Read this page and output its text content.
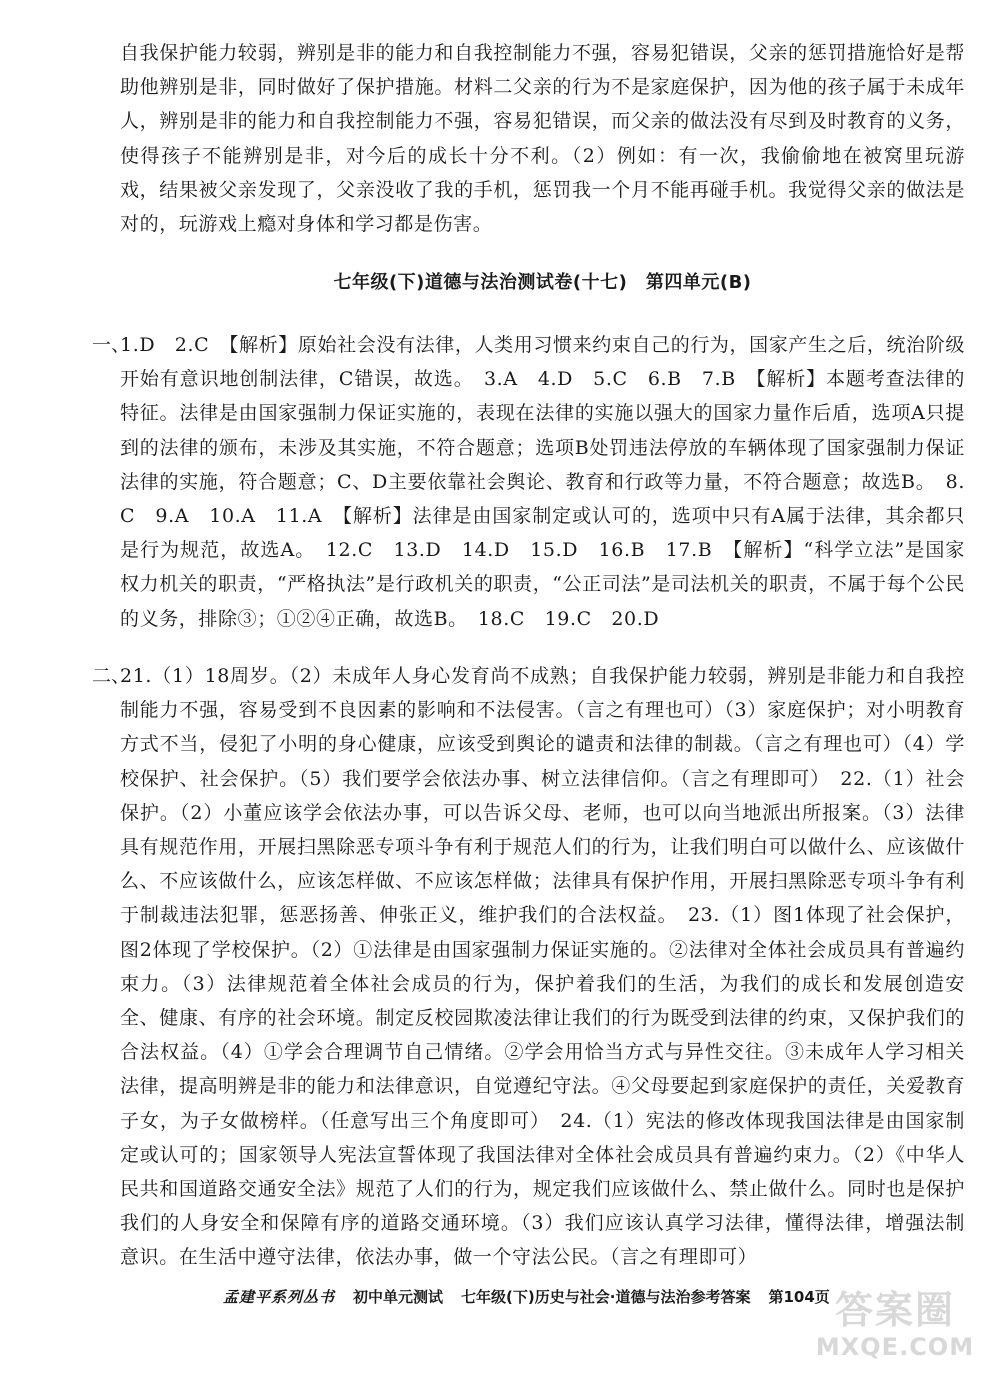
自我保护能力较弱，辨别是非的能力和自我控制能力不强，容易犯错误，父亲的惩罚措施恰好是帮助他辨别是非，同时做好了保护措施。材料二父亲的行为不是家庭保护，因为他的孩子属于未成年人，辨别是非的能力和自我控制能力不强，容易犯错误，而父亲的做法没有尽到及时教育的义务，使得孩子不能辨别是非，对今后的成长十分不利。（2）例如：有一次，我偷偷地在被窝里玩游戏，结果被父亲发现了，父亲没收了我的手机，惩罚我一个月不能再碰手机。我觉得父亲的做法是对的，玩游戏上瘾对身体和学习都是伤害。
七年级(下)道德与法治测试卷(十七)　第四单元(B)
一、
1.D　2.C　【解析】原始社会没有法律，人类用习惯来约束自己的行为，国家产生之后，统治阶级开始有意识地创制法律，C错误，故选。　3.A　4.D　5.C　6.B　7.B　【解析】本题考查法律的特征。法律是由国家强制力保证实施的，表现在法律的实施以强大的国家力量作后盾，选项A只提到的法律的颁布，未涉及其实施，不符合题意；选项B处罚违法停放的车辆体现了国家强制力保证法律的实施，符合题意；C、D主要依靠社会舆论、教育和行政等力量，不符合题意；故选B。　8.C　9.A　10.A　11.A　【解析】法律是由国家制定或认可的，选项中只有A属于法律，其余都只是行为规范，故选A。　12.C　13.D　14.D　15.D　16.B　17.B　【解析】“科学立法”是国家权力机关的职责，“严格执法”是行政机关的职责，“公正司法”是司法机关的职责，不属于每个公民的义务，排除③；①②④正确，故选B。　18.C　19.C　20.D
二、
21.（1）18周岁。（2）未成年人身心发育尚不成熟；自我保护能力较弱，辨别是非能力和自我控制能力不强，容易受到不良因素的影响和不法侵害。（言之有理也可）（3）家庭保护；对小明教育方式不当，侵犯了小明的身心健康，应该受到舆论的谴责和法律的制裁。（言之有理也可）（4）学校保护、社会保护。（5）我们要学会依法办事、树立法律信仰。（言之有理即可）　22.（1）社会保护。（2）小董应该学会依法办事，可以告诉父母、老师，也可以向当地派出所报案。（3）法律具有规范作用，开展扫黑除恶专项斗争有利于规范人们的行为，让我们明白可以做什么、应该做什么、不应该做什么，应该怎样做、不应该怎样做；法律具有保护作用，开展扫黑除恶专项斗争有利于制裁违法犯罪，惩恶扬善、伸张正义，维护我们的合法权益。　23.（1）图1体现了社会保护，图2体现了学校保护。（2）①法律是由国家强制力保证实施的。②法律对全体社会成员具有普遍约束力。（3）法律规范着全体社会成员的行为，保护着我们的生活，为我们的成长和发展创造安全、健康、有序的社会环境。制定反校园欺凌法律让我们的行为既受到法律的约束，又保护我们的合法权益。（4）①学会合理调节自己情绪。②学会用恰当方式与异性交往。③未成年人学习相关法律，提高明辨是非的能力和法律意识，自觉遵纪守法。④父母要起到家庭保护的责任，关爱教育子女，为子女做榜样。（任意写出三个角度即可）　24.（1）宪法的修改体现我国法律是由国家制定或认可的；国家领导人宪法宣誓体现了我国法律对全体社会成员具有普遍约束力。（2）《中华人民共和国道路交通安全法》规范了人们的行为，规定我们应该做什么、禁止做什么。同时也是保护我们的人身安全和保障有序的道路交通环境。（3）我们应该认真学习法律，懂得法律，增强法制意识。在生活中遵守法律，依法办事，做一个守法公民。（言之有理即可）
孟建平系列丛书 初中单元测试 七年级(下)历史与社会·道德与法治参考答案 第104页 答案圈
MXQE.COM
